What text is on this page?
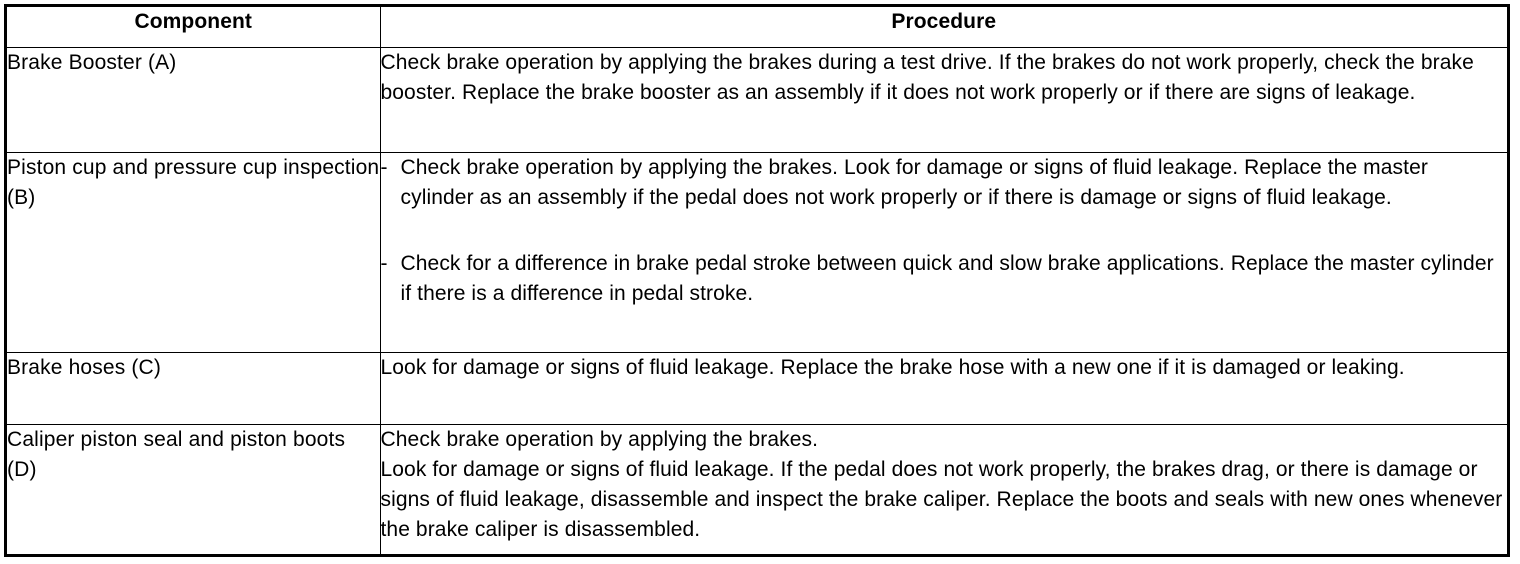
Component	Procedure
Brake Booster (A)	Check brake operation by applying the brakes during a test drive. If the brakes do not work properly, check the brake booster. Replace the brake booster as an assembly if it does not work properly or if there are signs of leakage.
Piston cup and pressure cup inspection (B)	- Check brake operation by applying the brakes. Look for damage or signs of fluid leakage. Replace the master cylinder as an assembly if the pedal does not work properly or if there is damage or signs of fluid leakage.
- Check for a difference in brake pedal stroke between quick and slow brake applications. Replace the master cylinder if there is a difference in pedal stroke.

Brake hoses (C)	Look for damage or signs of fluid leakage. Replace the brake hose with a new one if it is damaged or leaking.
Caliper piston seal and piston boots (D)	Check brake operation by applying the brakes.
Look for damage or signs of fluid leakage. If the pedal does not work properly, the brakes drag, or there is damage or signs of fluid leakage, disassemble and inspect the brake caliper. Replace the boots and seals with new ones whenever the brake caliper is disassembled.
